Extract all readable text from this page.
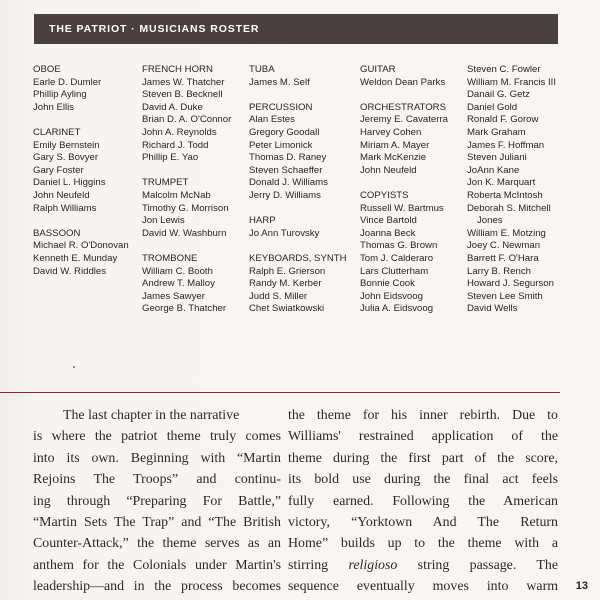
THE PATRIOT · MUSICIANS ROSTER
OBOE
Earle D. Dumler
Phillip Ayling
John Ellis
CLARINET
Emily Bernstein
Gary S. Bovyer
Gary Foster
Daniel L. Higgins
John Neufeld
Ralph Williams
BASSOON
Michael R. O'Donovan
Kenneth E. Munday
David W. Riddles
FRENCH HORN
James W. Thatcher
Steven B. Becknell
David A. Duke
Brian D. A. O'Connor
John A. Reynolds
Richard J. Todd
Phillip E. Yao
TRUMPET
Malcolm McNab
Timothy G. Morrison
Jon Lewis
David W. Washburn
TROMBONE
William C. Booth
Andrew T. Malloy
James Sawyer
George B. Thatcher
TUBA
James M. Self
PERCUSSION
Alan Estes
Gregory Goodall
Peter Limonick
Thomas D. Raney
Steven Schaeffer
Donald J. Williams
Jerry D. Williams
HARP
Jo Ann Turovsky
KEYBOARDS, SYNTH
Ralph E. Grierson
Randy M. Kerber
Judd S. Miller
Chet Swiatkowski
GUITAR
Weldon Dean Parks
ORCHESTRATORS
Jeremy E. Cavaterra
Harvey Cohen
Miriam A. Mayer
Mark McKenzie
John Neufeld
COPYISTS
Russell W. Bartmus
Vince Bartold
Joanna Beck
Thomas G. Brown
Tom J. Calderaro
Lars Clutterham
Bonnie Cook
John Eidsvoog
Julia A. Eidsvoog
Steven C. Fowler
William M. Francis III
Danail G. Getz
Daniel Gold
Ronald F. Gorow
Mark Graham
James F. Hoffman
Steven Juliani
JoAnn Kane
Jon K. Marquart
Roberta McIntosh
Deborah S. Mitchell
Jones
William E. Motzing
Joey C. Newman
Barrett F. O'Hara
Larry B. Rench
Howard J. Segurson
Steven Lee Smith
David Wells
The last chapter in the narrative
is where the patriot theme truly comes
into its own. Beginning with “Martin
Rejoins The Troops” and continu-
ing through “Preparing For Battle,”
“Martin Sets The Trap” and “The British
Counter-Attack,” the theme serves as an
anthem for the Colonials under Martin's
leadership—and in the process becomes
the theme for his inner rebirth. Due to
Williams' restrained application of the
theme during the first part of the score,
its bold use during the final act feels
fully earned. Following the American
victory, “Yorktown And The Return
Home” builds up to the theme with a
stirring religioso string passage. The
sequence eventually moves into warm 13
